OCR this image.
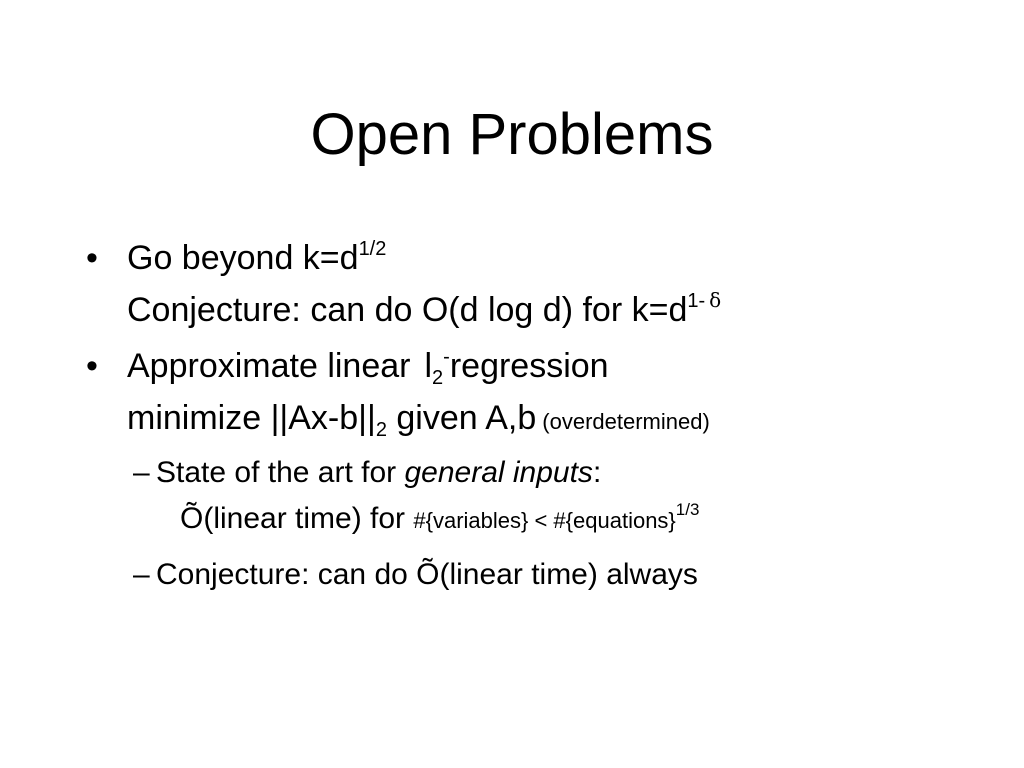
Open Problems
• Go beyond $k=d^{1/2}$
Conjecture: can do O(d log d) for $k=d^{1- \delta}$
• Approximate linear $l_2^-regression$
minimize $||Ax-b||_2$ given A,b (overdetermined)
– State of the art for general inputs:
Õ(linear time) for #{variables} < #{equations}$^{1/3}$
– Conjecture: can do Õ(linear time) always
